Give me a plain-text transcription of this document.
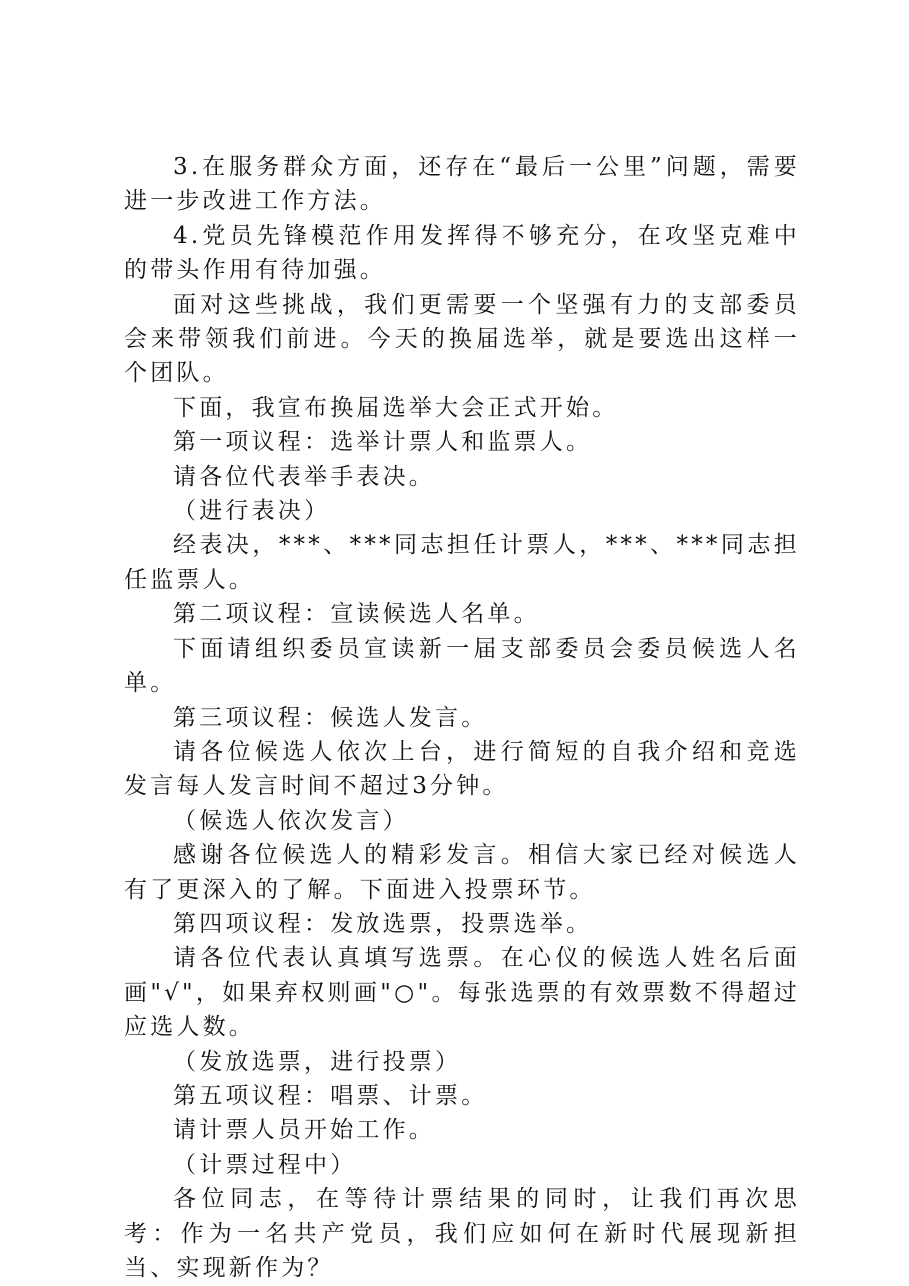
3.在服务群众方面，还存在“最后一公里”问题，需要进一步改进工作方法。

4.党员先锋模范作用发挥得不够充分，在攻坚克难中的带头作用有待加强。

面对这些挑战，我们更需要一个坚强有力的支部委员会来带领我们前进。今天的换届选举，就是要选出这样一个团队。

下面，我宣布换届选举大会正式开始。

第一项议程：选举计票人和监票人。

请各位代表举手表决。

（进行表决）

经表决，***、***同志担任计票人，***、***同志担任监票人。

第二项议程：宣读候选人名单。

下面请组织委员宣读新一届支部委员会委员候选人名单。

第三项议程：候选人发言。

请各位候选人依次上台，进行简短的自我介绍和竞选发言每人发言时间不超过3分钟。

（候选人依次发言）

感谢各位候选人的精彩发言。相信大家已经对候选人有了更深入的了解。下面进入投票环节。

第四项议程：发放选票，投票选举。

请各位代表认真填写选票。在心仪的候选人姓名后面画"√"，如果弃权则画"○"。每张选票的有效票数不得超过应选人数。

（发放选票，进行投票）

第五项议程：唱票、计票。

请计票人员开始工作。

（计票过程中）

各位同志，在等待计票结果的同时，让我们再次思考：作为一名共产党员，我们应如何在新时代展现新担当、实现新作为？
